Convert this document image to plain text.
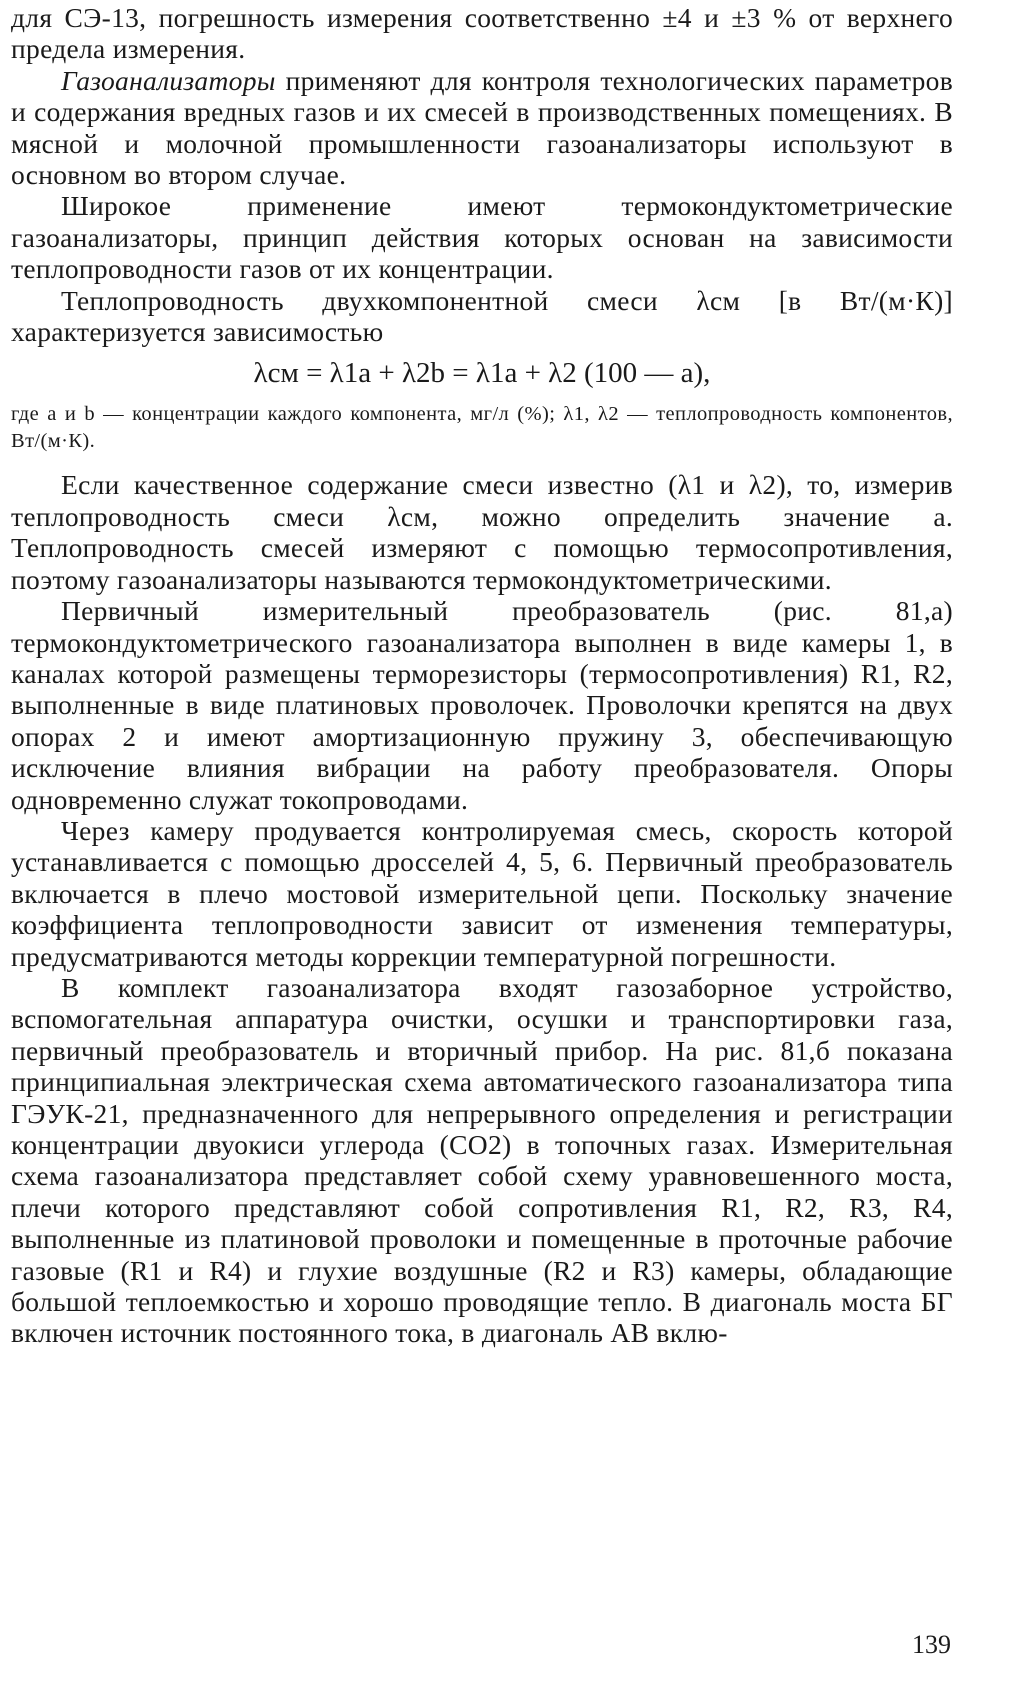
для СЭ-13, погрешность измерения соответственно ±4 и ±3 % от верхнего предела измерения.

Газоанализаторы применяют для контроля технологических параметров и содержания вредных газов и их смесей в производственных помещениях. В мясной и молочной промышленности газоанализаторы используют в основном во втором случае.

Широкое применение имеют термокондуктометрические газоанализаторы, принцип действия которых основан на зависимости теплопроводности газов от их концентрации.

Теплопроводность двухкомпонентной смеси λсм [в Вт/(м·К)] характеризуется зависимостью

λсм = λ1a + λ2b = λ1a + λ2 (100 — a),

где a и b — концентрации каждого компонента, мг/л (%); λ1, λ2 — теплопроводность компонентов, Вт/(м·К).

Если качественное содержание смеси известно (λ1 и λ2), то, измерив теплопроводность смеси λсм, можно определить значение a. Теплопроводность смесей измеряют с помощью термосопротивления, поэтому газоанализаторы называются термокондуктометрическими.

Первичный измерительный преобразователь (рис. 81,а) термокондуктометрического газоанализатора выполнен в виде камеры 1, в каналах которой размещены терморезисторы (термосопротивления) R1, R2, выполненные в виде платиновых проволочек. Проволочки крепятся на двух опорах 2 и имеют амортизационную пружину 3, обеспечивающую исключение влияния вибрации на работу преобразователя. Опоры одновременно служат токопроводами.

Через камеру продувается контролируемая смесь, скорость которой устанавливается с помощью дросселей 4, 5, 6. Первичный преобразователь включается в плечо мостовой измерительной цепи. Поскольку значение коэффициента теплопроводности зависит от изменения температуры, предусматриваются методы коррекции температурной погрешности.

В комплект газоанализатора входят газозаборное устройство, вспомогательная аппаратура очистки, осушки и транспортировки газа, первичный преобразователь и вторичный прибор. На рис. 81,б показана принципиальная электрическая схема автоматического газоанализатора типа ГЭУК-21, предназначенного для непрерывного определения и регистрации концентрации двуокиси углерода (CO2) в топочных газах. Измерительная схема газоанализатора представляет собой схему уравновешенного моста, плечи которого представляют собой сопротивления R1, R2, R3, R4, выполненные из платиновой проволоки и помещенные в проточные рабочие газовые (R1 и R4) и глухие воздушные (R2 и R3) камеры, обладающие большой теплоемкостью и хорошо проводящие тепло. В диагональ моста БГ включен источник постоянного тока, в диагональ AB вклю-

139
